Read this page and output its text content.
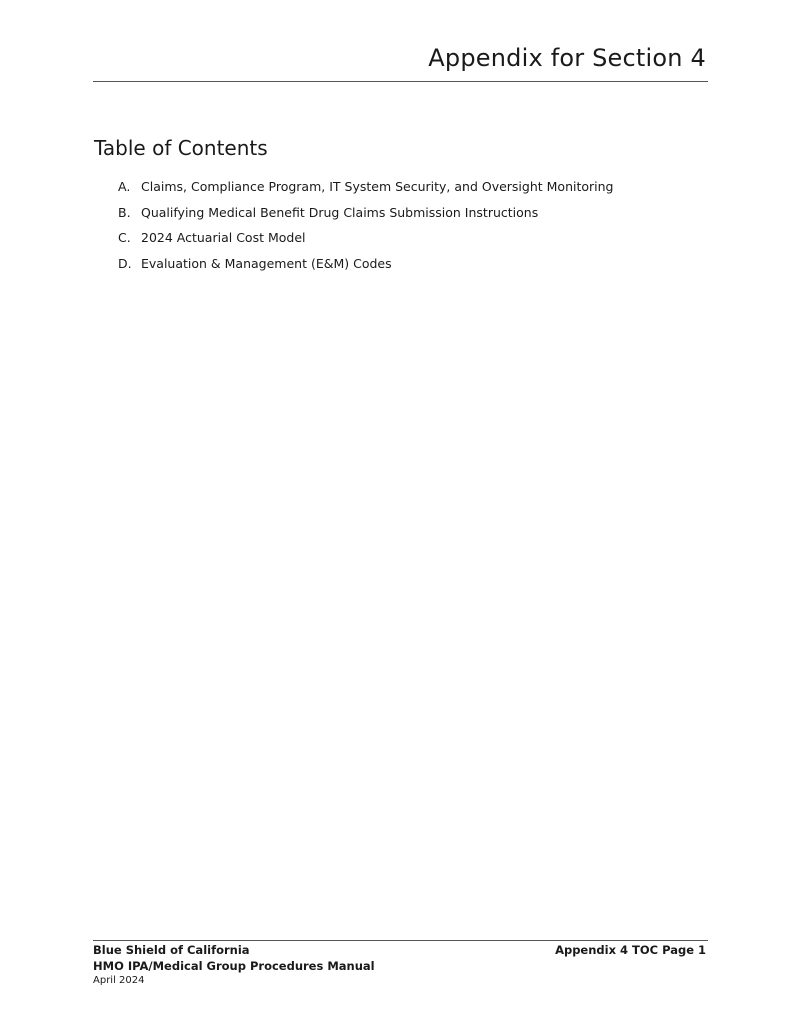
Appendix for Section 4
Table of Contents
A. Claims, Compliance Program, IT System Security, and Oversight Monitoring
B. Qualifying Medical Benefit Drug Claims Submission Instructions
C. 2024 Actuarial Cost Model
D. Evaluation & Management (E&M) Codes
Blue Shield of California
HMO IPA/Medical Group Procedures Manual
April 2024
Appendix 4 TOC Page 1
